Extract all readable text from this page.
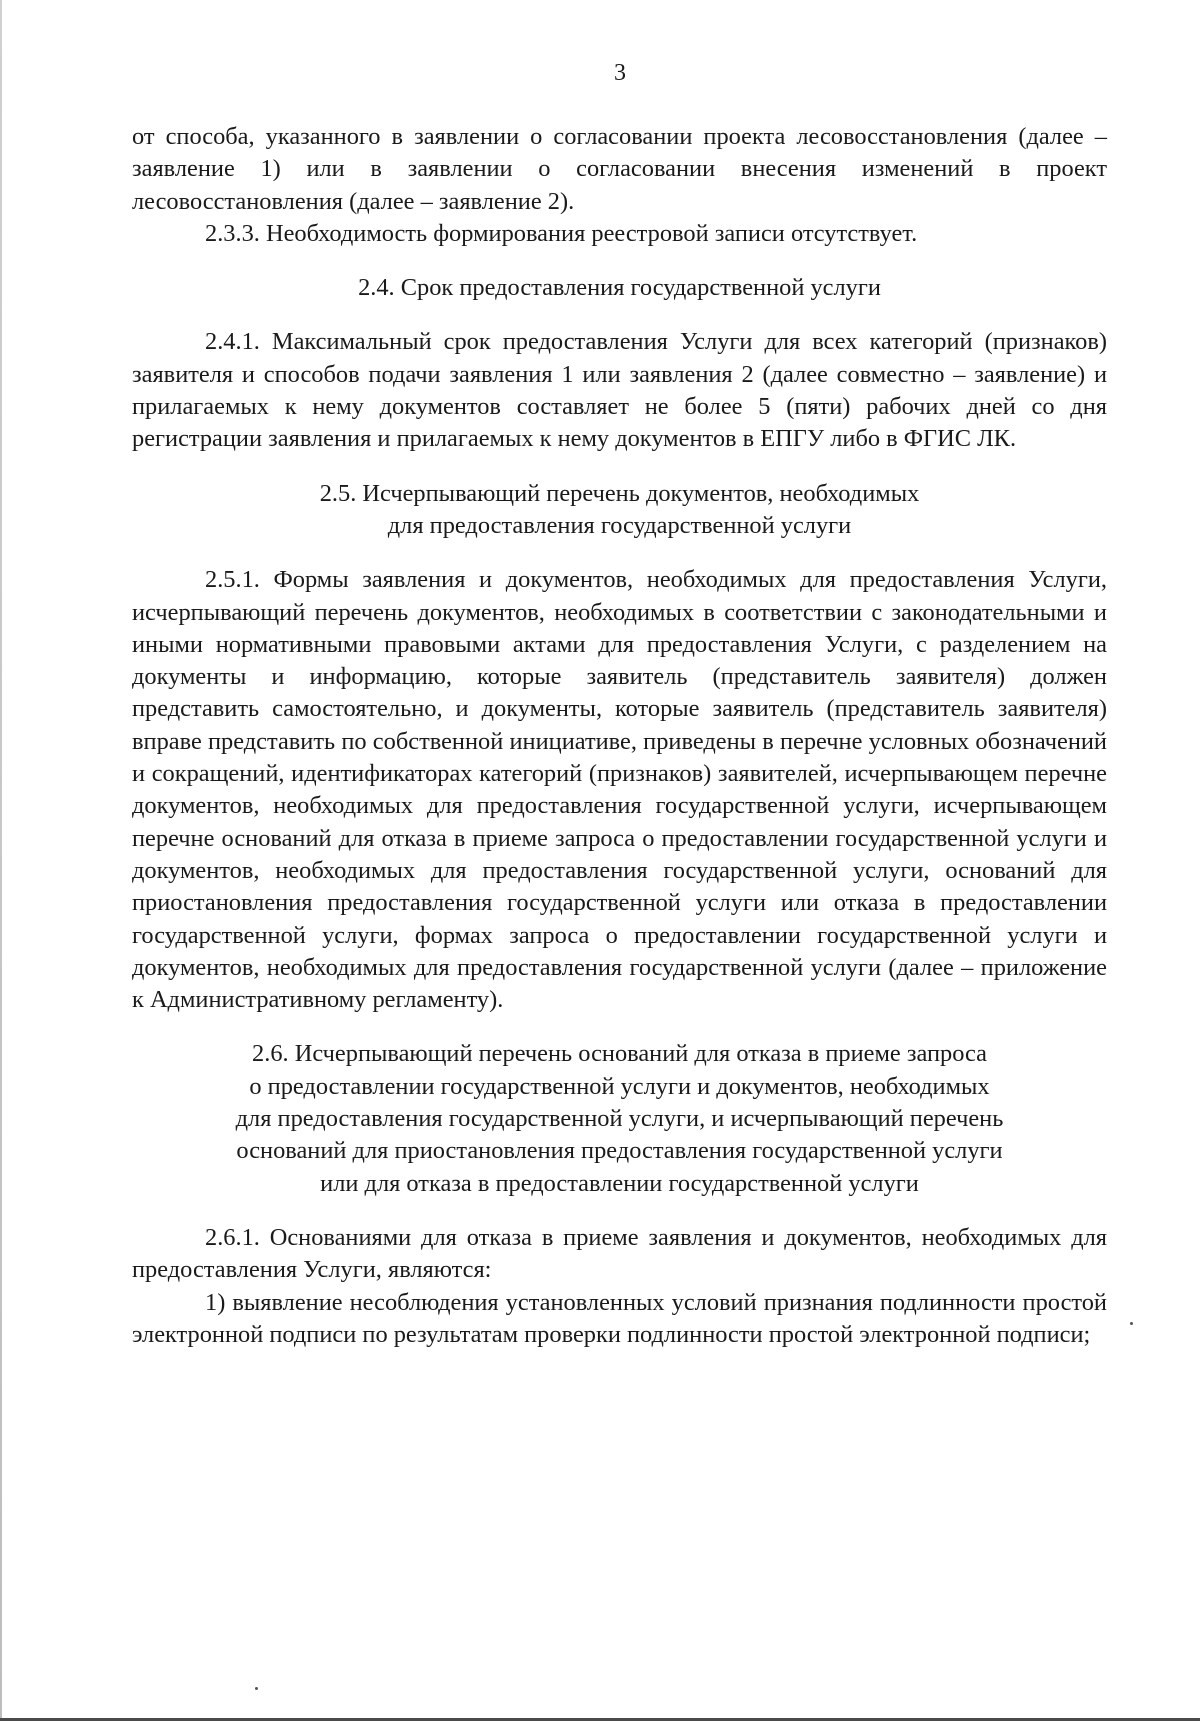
3

от способа, указанного в заявлении о согласовании проекта лесовосстановления (далее – заявление 1) или в заявлении о согласовании внесения изменений в проект лесовосстановления (далее – заявление 2).

2.3.3. Необходимость формирования реестровой записи отсутствует.

2.4. Срок предоставления государственной услуги

2.4.1. Максимальный срок предоставления Услуги для всех категорий (признаков) заявителя и способов подачи заявления 1 или заявления 2 (далее совместно – заявление) и прилагаемых к нему документов составляет не более 5 (пяти) рабочих дней со дня регистрации заявления и прилагаемых к нему документов в ЕПГУ либо в ФГИС ЛК.

2.5. Исчерпывающий перечень документов, необходимых
для предоставления государственной услуги

2.5.1. Формы заявления и документов, необходимых для предоставления Услуги, исчерпывающий перечень документов, необходимых в соответствии с законодательными и иными нормативными правовыми актами для предоставления Услуги, с разделением на документы и информацию, которые заявитель (представитель заявителя) должен представить самостоятельно, и документы, которые заявитель (представитель заявителя) вправе представить по собственной инициативе, приведены в перечне условных обозначений и сокращений, идентификаторах категорий (признаков) заявителей, исчерпывающем перечне документов, необходимых для предоставления государственной услуги, исчерпывающем перечне оснований для отказа в приеме запроса о предоставлении государственной услуги и документов, необходимых для предоставления государственной услуги, оснований для приостановления предоставления государственной услуги или отказа в предоставлении государственной услуги, формах запроса о предоставлении государственной услуги и документов, необходимых для предоставления государственной услуги (далее – приложение к Административному регламенту).

2.6. Исчерпывающий перечень оснований для отказа в приеме запроса
о предоставлении государственной услуги и документов, необходимых
для предоставления государственной услуги, и исчерпывающий перечень
оснований для приостановления предоставления государственной услуги
или для отказа в предоставлении государственной услуги

2.6.1. Основаниями для отказа в приеме заявления и документов, необходимых для предоставления Услуги, являются:

1) выявление несоблюдения установленных условий признания подлинности простой электронной подписи по результатам проверки подлинности простой электронной подписи;
